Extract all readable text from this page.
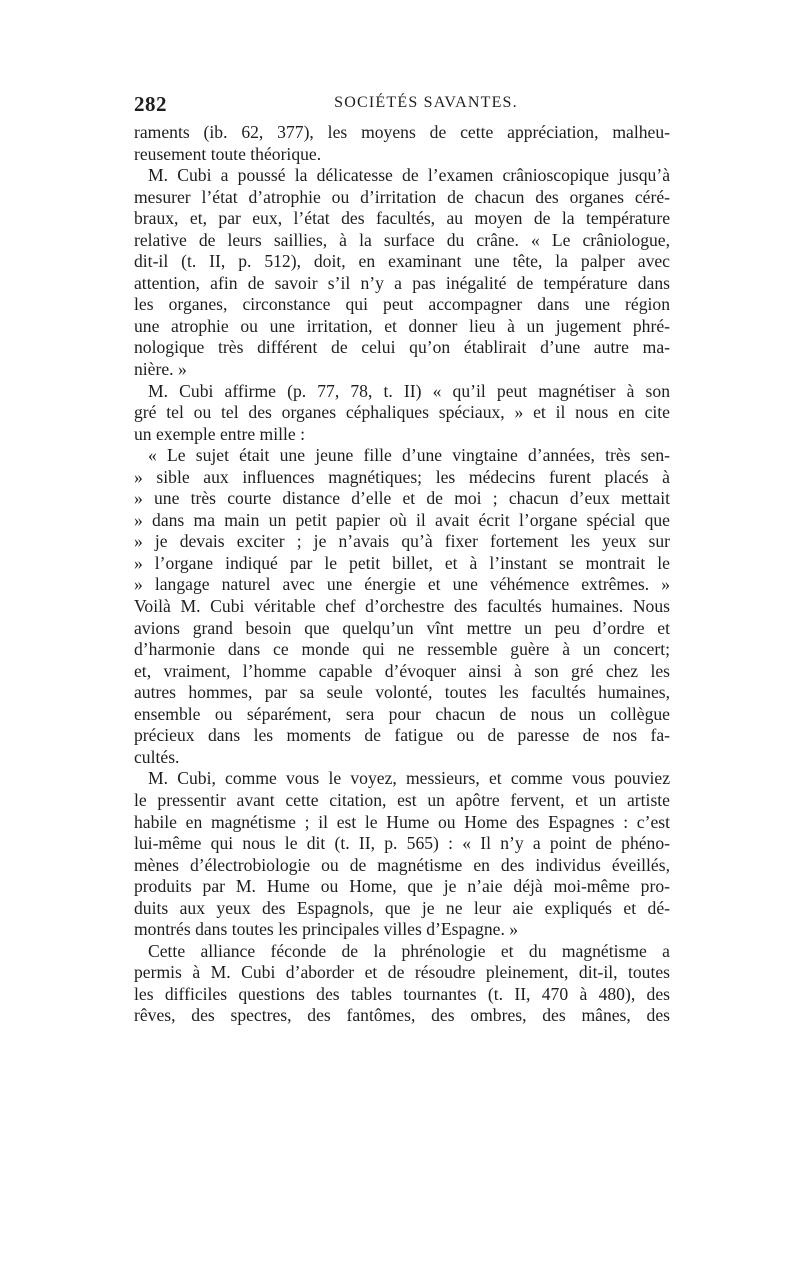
282	SOCIÉTÉS SAVANTES.
raments (ib. 62, 377), les moyens de cette appréciation, malheu-
reusement toute théorique.
M. Cubi a poussé la délicatesse de l’examen crânioscopique jusqu’à
mesurer l’état d’atrophie ou d’irritation de chacun des organes céré-
braux, et, par eux, l’état des facultés, au moyen de la température
relative de leurs saillies, à la surface du crâne. « Le crâniologue,
dit-il (t. II, p. 512), doit, en examinant une tête, la palper avec
attention, afin de savoir s’il n’y a pas inégalité de température dans
les organes, circonstance qui peut accompagner dans une région
une atrophie ou une irritation, et donner lieu à un jugement phré-
nologique très différent de celui qu’on établirait d’une autre ma-
nière. »
M. Cubi affirme (p. 77, 78, t. II) « qu’il peut magnétiser à son
gré tel ou tel des organes céphaliques spéciaux, » et il nous en cite
un exemple entre mille :
« Le sujet était une jeune fille d’une vingtaine d’années, très sen-
» sible aux influences magnétiques; les médecins furent placés à
» une très courte distance d’elle et de moi ; chacun d’eux mettait
» dans ma main un petit papier où il avait écrit l’organe spécial que
» je devais exciter ; je n’avais qu’à fixer fortement les yeux sur
» l’organe indiqué par le petit billet, et à l’instant se montrait le
» langage naturel avec une énergie et une véhémence extrêmes. »
Voilà M. Cubi véritable chef d’orchestre des facultés humaines. Nous
avions grand besoin que quelqu’un vînt mettre un peu d’ordre et
d’harmonie dans ce monde qui ne ressemble guère à un concert;
et, vraiment, l’homme capable d’évoquer ainsi à son gré chez les
autres hommes, par sa seule volonté, toutes les facultés humaines,
ensemble ou séparément, sera pour chacun de nous un collègue
précieux dans les moments de fatigue ou de paresse de nos fa-
cultés.
M. Cubi, comme vous le voyez, messieurs, et comme vous pouviez
le pressentir avant cette citation, est un apôtre fervent, et un artiste
habile en magnétisme ; il est le Hume ou Home des Espagnes : c’est
lui-même qui nous le dit (t. II, p. 565) : « Il n’y a point de phéno-
mènes d’électrobiologie ou de magnétisme en des individus éveillés,
produits par M. Hume ou Home, que je n’aie déjà moi-même pro-
duits aux yeux des Espagnols, que je ne leur aie expliqués et dé-
montrés dans toutes les principales villes d’Espagne. »
Cette alliance féconde de la phrénologie et du magnétisme a
permis à M. Cubi d’aborder et de résoudre pleinement, dit-il, toutes
les difficiles questions des tables tournantes (t. II, 470 à 480), des
rêves, des spectres, des fantômes, des ombres, des mânes, des
